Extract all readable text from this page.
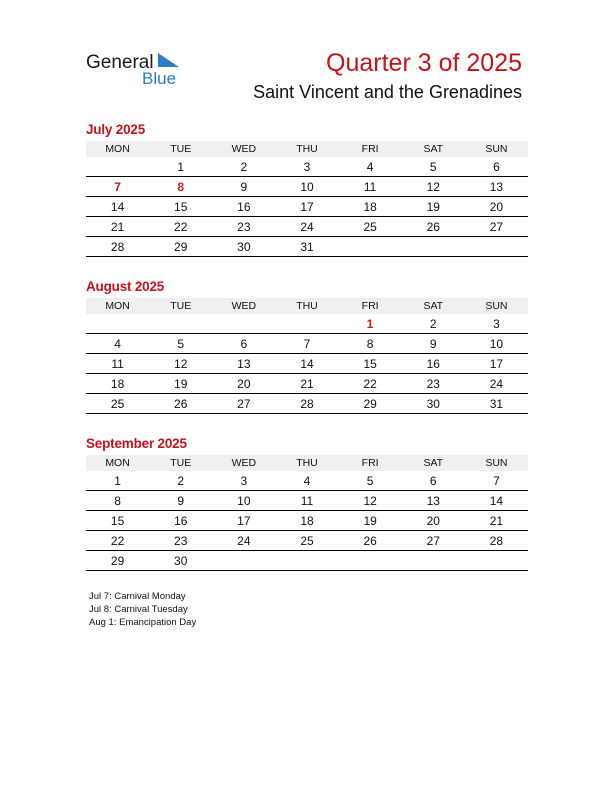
General
Blue
Quarter 3 of 2025
Saint Vincent and the Grenadines
July 2025
MON	TUE	WED	THU	FRI	SAT	SUN
	1	2	3	4	5	6
7	8	9	10	11	12	13
14	15	16	17	18	19	20
21	22	23	24	25	26	27
28	29	30	31			
August 2025
MON	TUE	WED	THU	FRI	SAT	SUN
				1	2	3
4	5	6	7	8	9	10
11	12	13	14	15	16	17
18	19	20	21	22	23	24
25	26	27	28	29	30	31
September 2025
MON	TUE	WED	THU	FRI	SAT	SUN
1	2	3	4	5	6	7
8	9	10	11	12	13	14
15	16	17	18	19	20	21
22	23	24	25	26	27	28
29	30					
Jul 7: Carnival Monday
Jul 8: Carnival Tuesday
Aug 1: Emancipation Day
